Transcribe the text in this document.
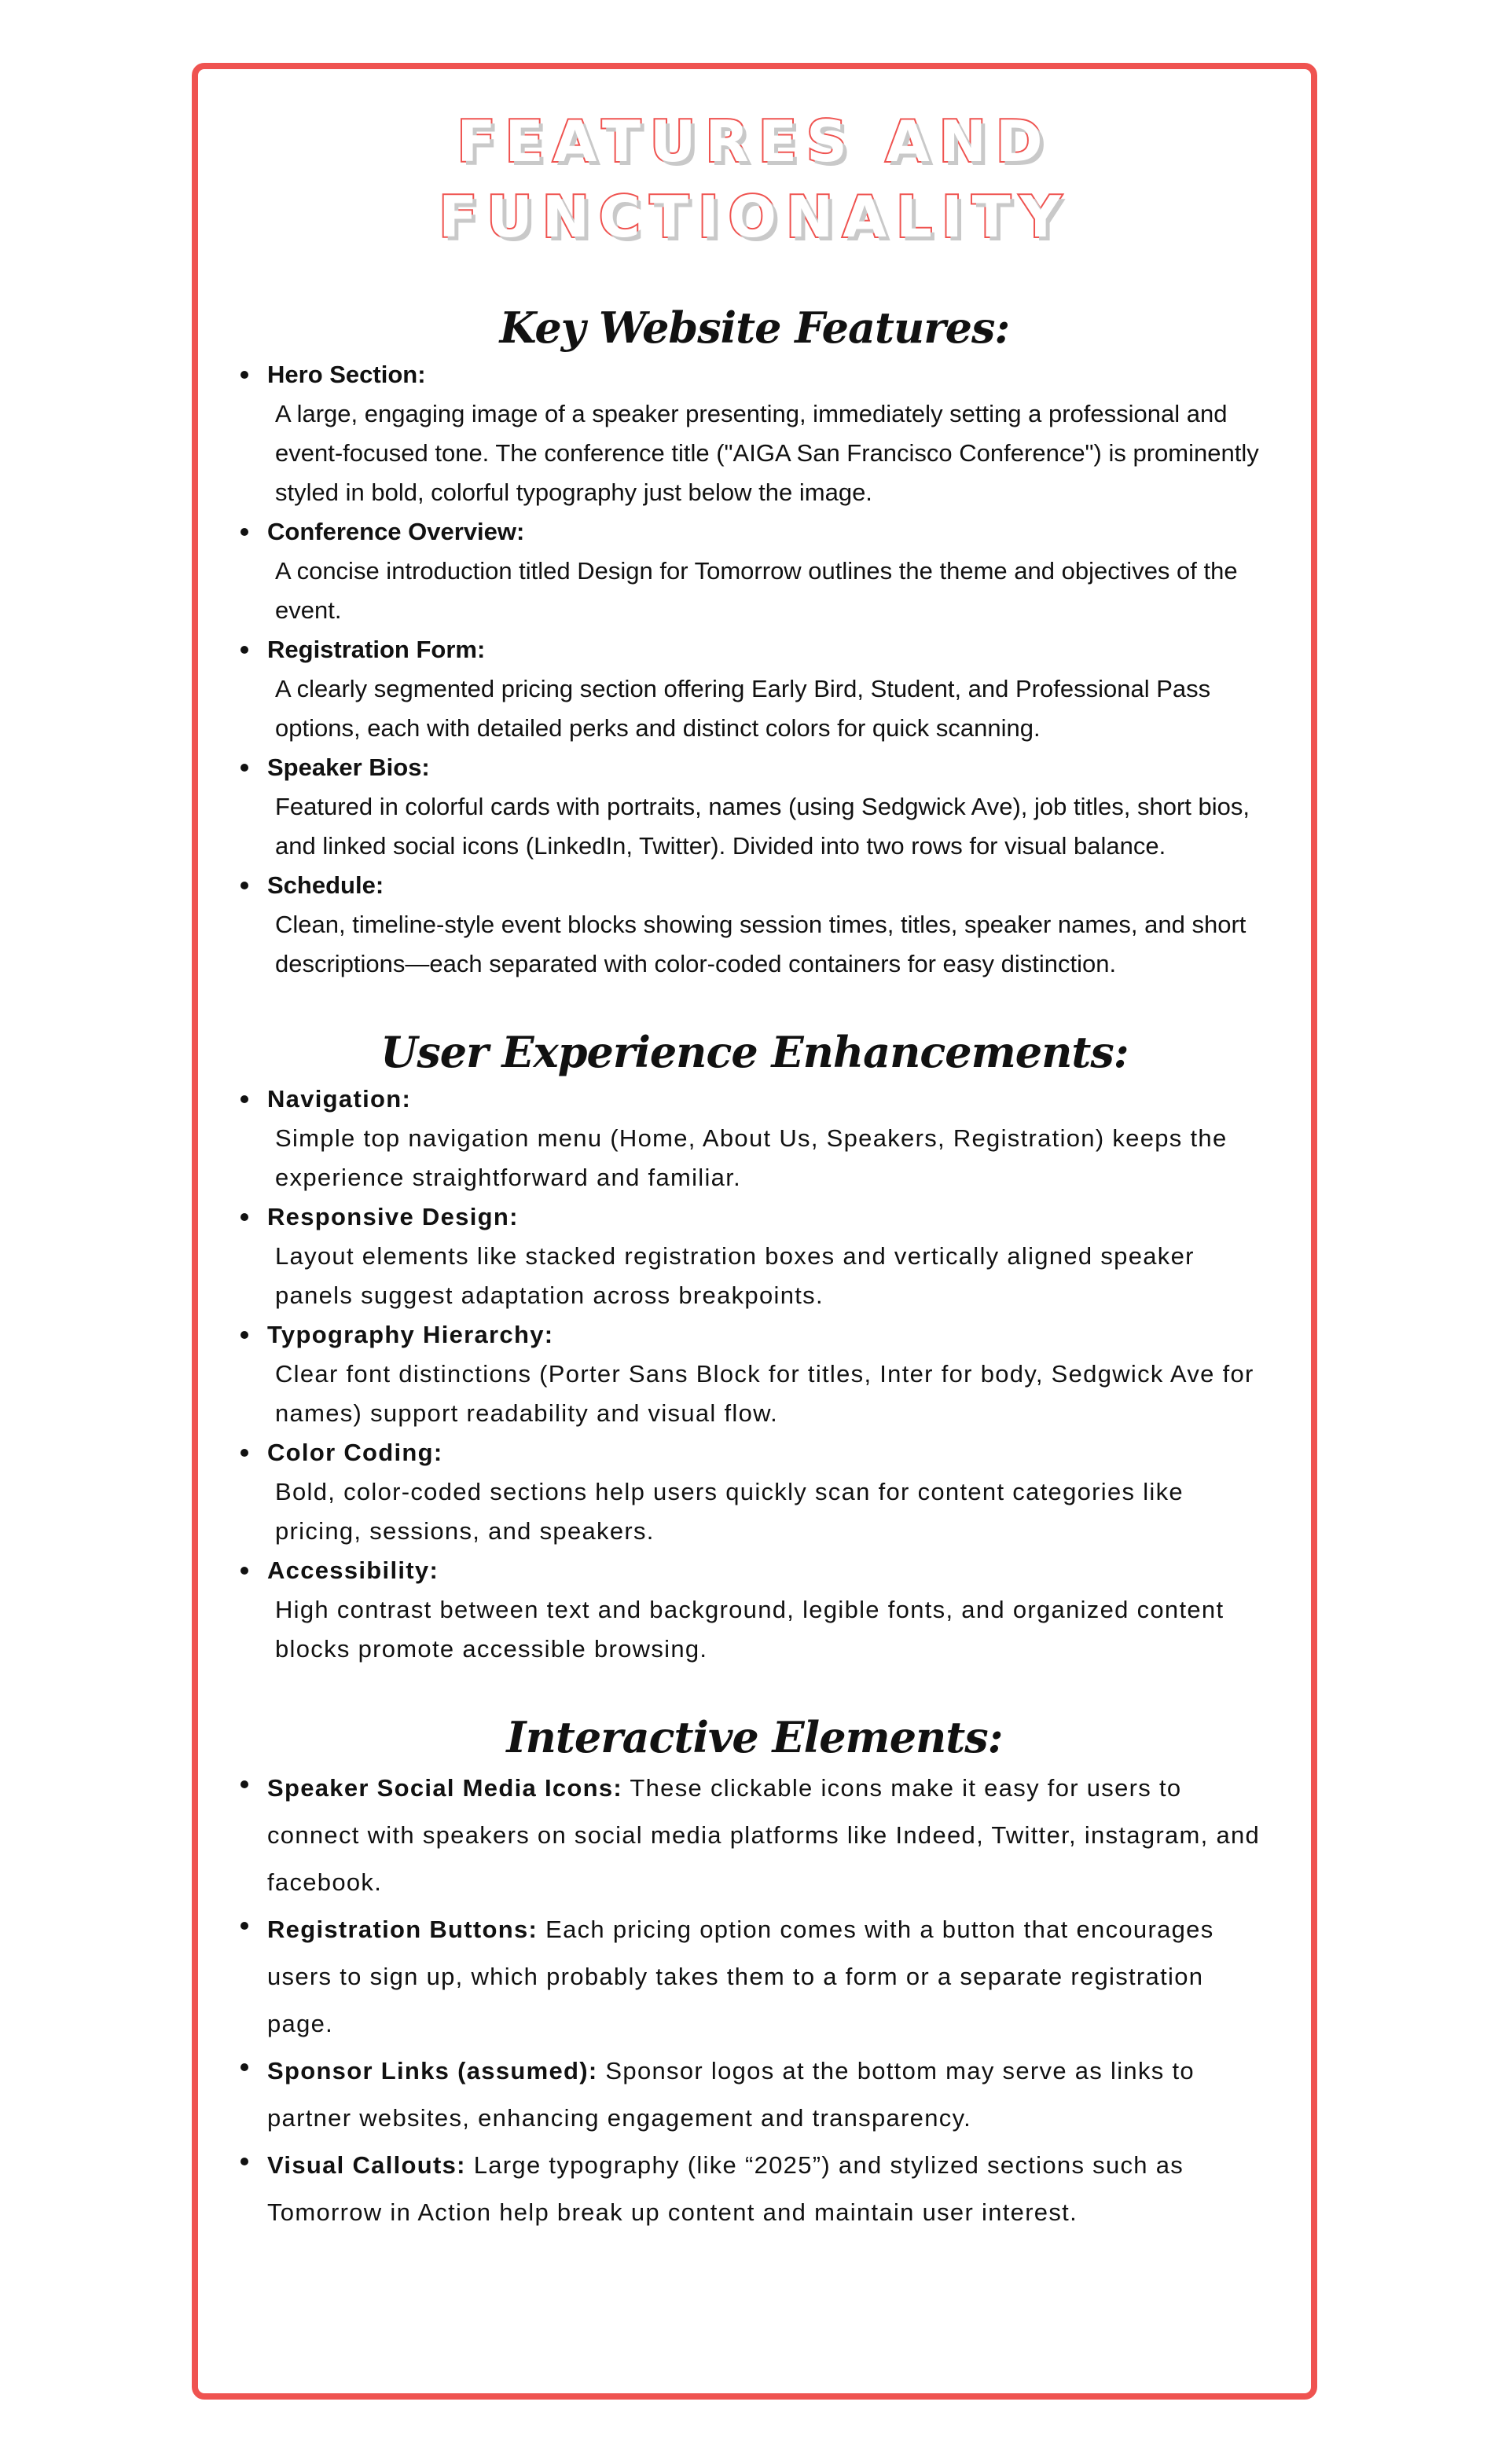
FEATURES AND FUNCTIONALITY
Key Website Features:
Hero Section:
A large, engaging image of a speaker presenting, immediately setting a professional and event-focused tone. The conference title ("AIGA San Francisco Conference") is prominently styled in bold, colorful typography just below the image.
Conference Overview:
A concise introduction titled Design for Tomorrow outlines the theme and objectives of the event.
Registration Form:
A clearly segmented pricing section offering Early Bird, Student, and Professional Pass options, each with detailed perks and distinct colors for quick scanning.
Speaker Bios:
Featured in colorful cards with portraits, names (using Sedgwick Ave), job titles, short bios, and linked social icons (LinkedIn, Twitter). Divided into two rows for visual balance.
Schedule:
Clean, timeline-style event blocks showing session times, titles, speaker names, and short descriptions—each separated with color-coded containers for easy distinction.
User Experience Enhancements:
Navigation:
Simple top navigation menu (Home, About Us, Speakers, Registration) keeps the experience straightforward and familiar.
Responsive Design:
Layout elements like stacked registration boxes and vertically aligned speaker panels suggest adaptation across breakpoints.
Typography Hierarchy:
Clear font distinctions (Porter Sans Block for titles, Inter for body, Sedgwick Ave for names) support readability and visual flow.
Color Coding:
Bold, color-coded sections help users quickly scan for content categories like pricing, sessions, and speakers.
Accessibility:
High contrast between text and background, legible fonts, and organized content blocks promote accessible browsing.
Interactive Elements:
Speaker Social Media Icons: These clickable icons make it easy for users to connect with speakers on social media platforms like Indeed, Twitter, instagram, and facebook.
Registration Buttons: Each pricing option comes with a button that encourages users to sign up, which probably takes them to a form or a separate registration page.
Sponsor Links (assumed): Sponsor logos at the bottom may serve as links to partner websites, enhancing engagement and transparency.
Visual Callouts: Large typography (like “2025”) and stylized sections such as Tomorrow in Action help break up content and maintain user interest.
